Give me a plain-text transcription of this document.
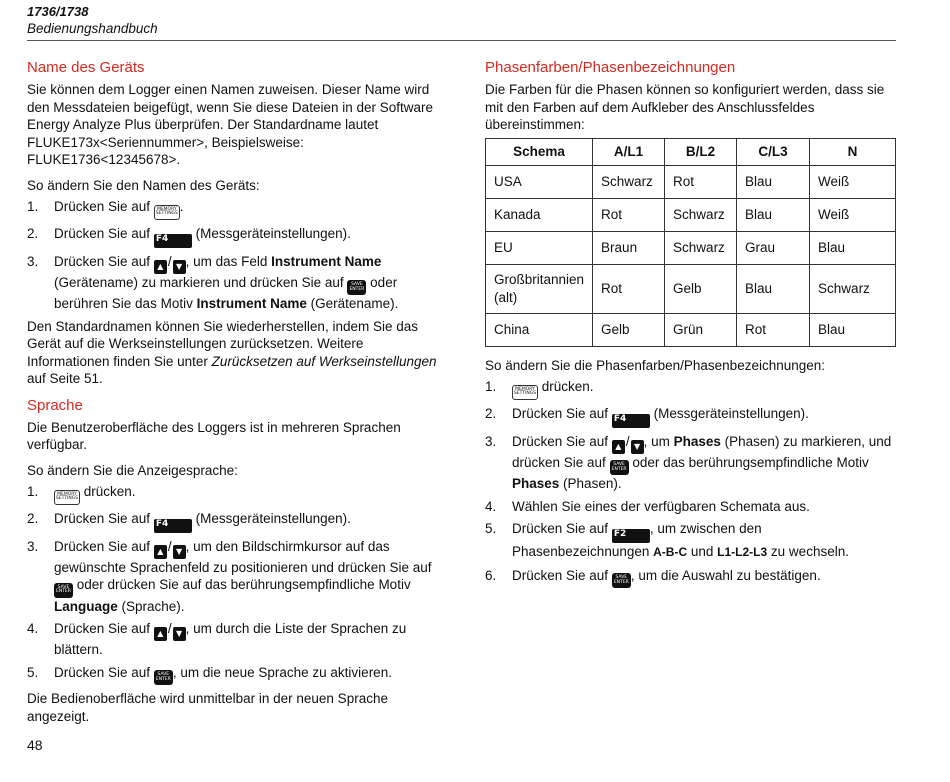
1736/1738
Bedienungshandbuch
Name des Geräts

Sie können dem Logger einen Namen zuweisen. Dieser Name wird den Messdateien beigefügt, wenn Sie diese Dateien in der Software Energy Analyze Plus überprüfen. Der Standardname lautet FLUKE173x<Seriennummer>, Beispielsweise: FLUKE1736<12345678>.

So ändern Sie den Namen des Geräts:

1. Drücken Sie auf MEMORY
SETTINGS .
2. Drücken Sie auf F4 (Messgeräteinstellungen).
3. Drücken Sie auf ▲ / ▼ , um das Feld Instrument Name (Gerätename) zu markieren und drücken Sie auf SAVE
ENTER oder berühren Sie das Motiv Instrument Name (Gerätename).

Den Standardnamen können Sie wiederherstellen, indem Sie das Gerät auf die Werkseinstellungen zurücksetzen. Weitere Informationen finden Sie unter Zurücksetzen auf Werkseinstellungen auf Seite 51.

Sprache

Die Benutzeroberfläche des Loggers ist in mehreren Sprachen verfügbar.

So ändern Sie die Anzeigesprache:

1.	MEMORY
SETTINGS drücken.
2. Drücken Sie auf F4 (Messgeräteinstellungen).
3. Drücken Sie auf ▲ / ▼ , um den Bildschirmkursor auf das gewünschte Sprachenfeld zu positionieren und drücken Sie auf SAVE
ENTER oder drücken Sie auf das berührungsempfindliche Motiv Language (Sprache).
4. Drücken Sie auf ▲ / ▼ , um durch die Liste der Sprachen zu blättern.
5. Drücken Sie auf SAVE
ENTER , um die neue Sprache zu aktivieren.

Die Bedienoberfläche wird unmittelbar in der neuen Sprache angezeigt.

Phasenfarben/Phasenbezeichnungen

Die Farben für die Phasen können so konfiguriert werden, dass sie mit den Farben auf dem Aufkleber des Anschlussfeldes übereinstimmen:

Schema	A/L1	B/L2	C/L3	N
USA	Schwarz	Rot	Blau	Weiß
Kanada	Rot	Schwarz	Blau	Weiß
EU	Braun	Schwarz	Grau	Blau
Großbritannien (alt)	Rot	Gelb	Blau	Schwarz
China	Gelb	Grün	Rot	Blau

So ändern Sie die Phasenfarben/Phasenbezeichnungen:

1.	MEMORY
SETTINGS drücken.
2. Drücken Sie auf F4 (Messgeräteinstellungen).
3. Drücken Sie auf ▲ / ▼ , um Phases (Phasen) zu markieren, und drücken Sie auf SAVE
ENTER oder das berührungsempfindliche Motiv Phases (Phasen).
4. Wählen Sie eines der verfügbaren Schemata aus.
5. Drücken Sie auf F2 , um zwischen den Phasenbezeichnungen A-B-C und L1-L2-L3 zu wechseln.
6. Drücken Sie auf SAVE
ENTER , um die Auswahl zu bestätigen.
48
